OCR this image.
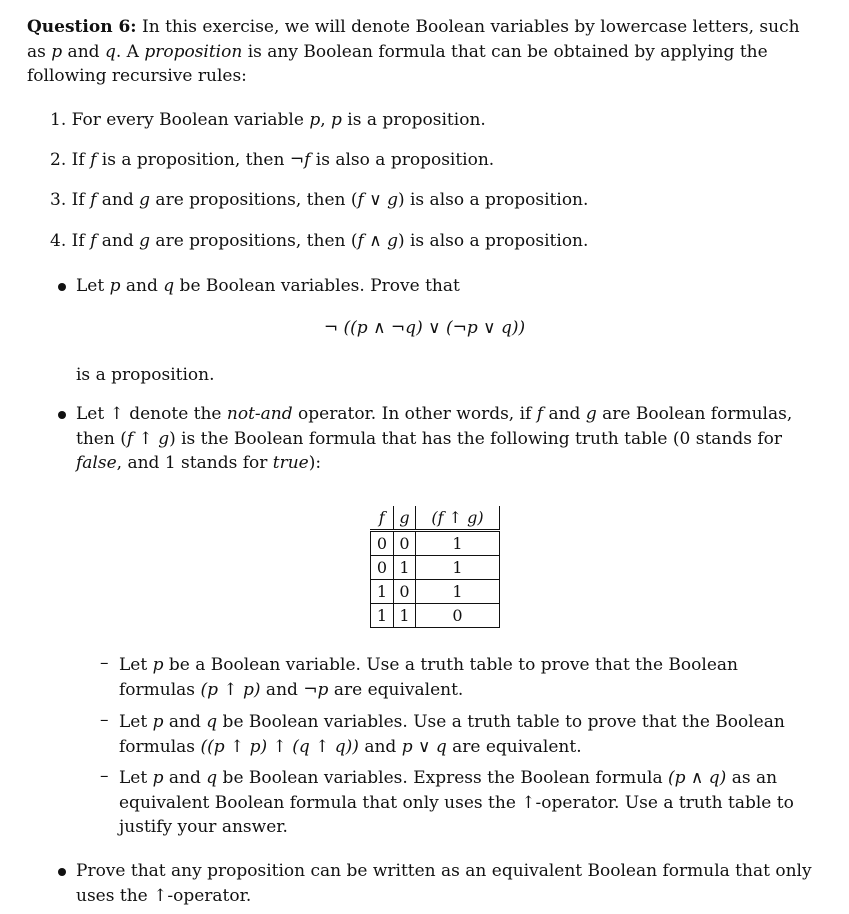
Question 6: In this exercise, we will denote Boolean variables by lowercase letters, such as p and q. A proposition is any Boolean formula that can be obtained by applying the following recursive rules:
1. For every Boolean variable p, p is a proposition.
2. If f is a proposition, then ¬f is also a proposition.
3. If f and g are propositions, then (f ∨ g) is also a proposition.
4. If f and g are propositions, then (f ∧ g) is also a proposition.
Let p and q be Boolean variables. Prove that
¬ ((p ∧ ¬q) ∨ (¬p ∨ q))
is a proposition.
Let ↑ denote the not-and operator. In other words, if f and g are Boolean formulas, then (f ↑ g) is the Boolean formula that has the following truth table (0 stands for false, and 1 stands for true):
f	g	(f ↑ g)
0	0	1
0	1	1
1	0	1
1	1	0
– Let p be a Boolean variable. Use a truth table to prove that the Boolean formulas (p ↑ p) and ¬p are equivalent.
– Let p and q be Boolean variables. Use a truth table to prove that the Boolean formulas ((p ↑ p) ↑ (q ↑ q)) and p ∨ q are equivalent.
– Let p and q be Boolean variables. Express the Boolean formula (p ∧ q) as an equivalent Boolean formula that only uses the ↑-operator. Use a truth table to justify your answer.
Prove that any proposition can be written as an equivalent Boolean formula that only uses the ↑-operator.
